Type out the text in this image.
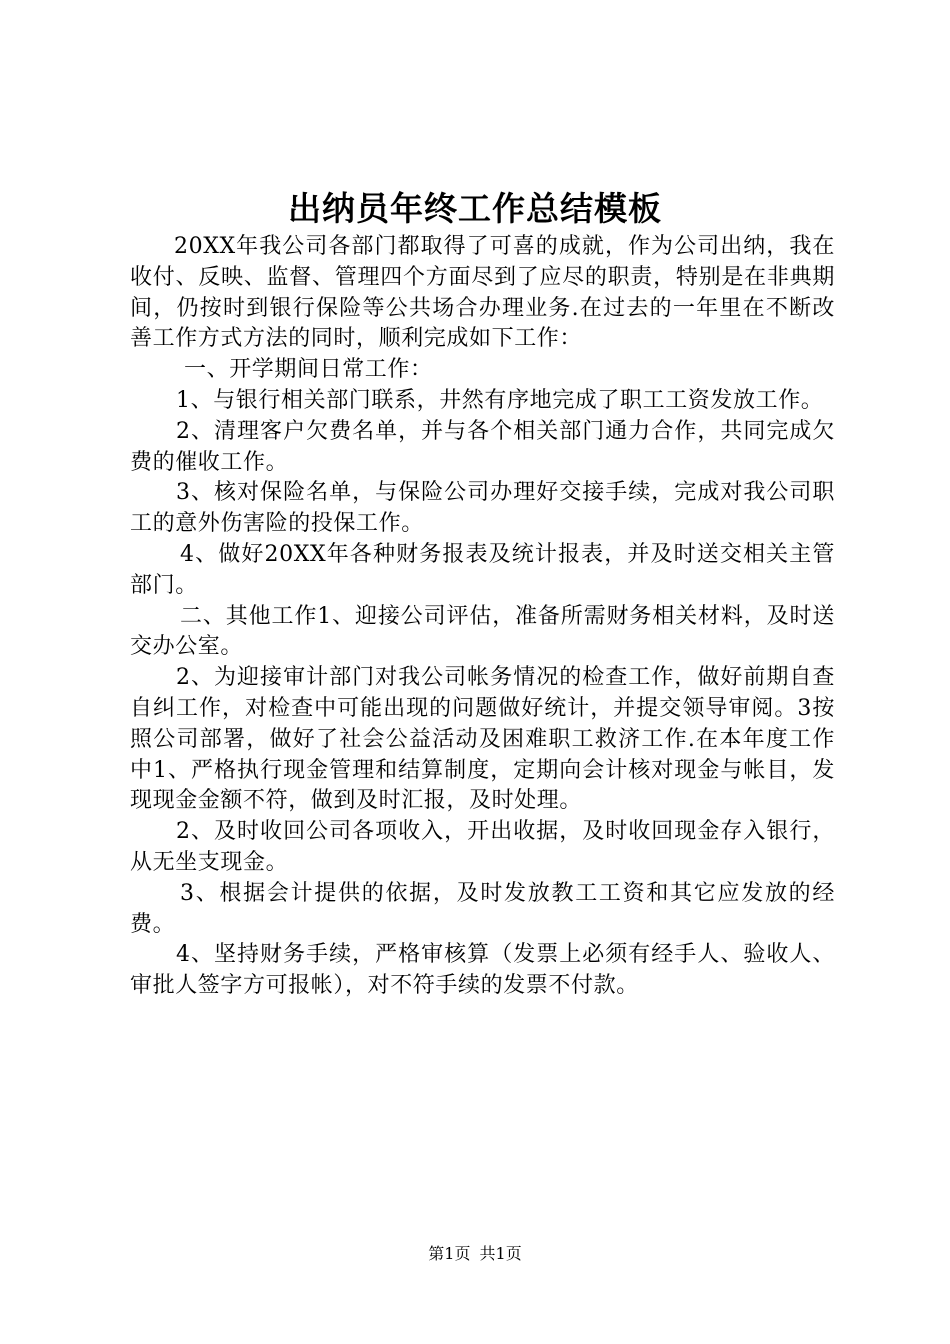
出纳员年终工作总结模板

20XX年我公司各部门都取得了可喜的成就，作为公司出纳，我在收付、反映、监督、管理四个方面尽到了应尽的职责，特别是在非典期间，仍按时到银行保险等公共场合办理业务.在过去的一年里在不断改善工作方式方法的同时，顺利完成如下工作：

一、开学期间日常工作：

1、与银行相关部门联系，井然有序地完成了职工工资发放工作。

2、清理客户欠费名单，并与各个相关部门通力合作，共同完成欠费的催收工作。

3、核对保险名单，与保险公司办理好交接手续，完成对我公司职工的意外伤害险的投保工作。

4、做好20XX年各种财务报表及统计报表，并及时送交相关主管部门。

二、其他工作1、迎接公司评估，准备所需财务相关材料，及时送交办公室。

2、为迎接审计部门对我公司帐务情况的检查工作，做好前期自查自纠工作，对检查中可能出现的问题做好统计，并提交领导审阅。3按照公司部署，做好了社会公益活动及困难职工救济工作.在本年度工作中1、严格执行现金管理和结算制度，定期向会计核对现金与帐目，发现现金金额不符，做到及时汇报，及时处理。

2、及时收回公司各项收入，开出收据，及时收回现金存入银行，从无坐支现金。

3、根据会计提供的依据，及时发放教工工资和其它应发放的经费。

4、坚持财务手续，严格审核算（发票上必须有经手人、验收人、审批人签字方可报帐），对不符手续的发票不付款。

第1页 共1页
